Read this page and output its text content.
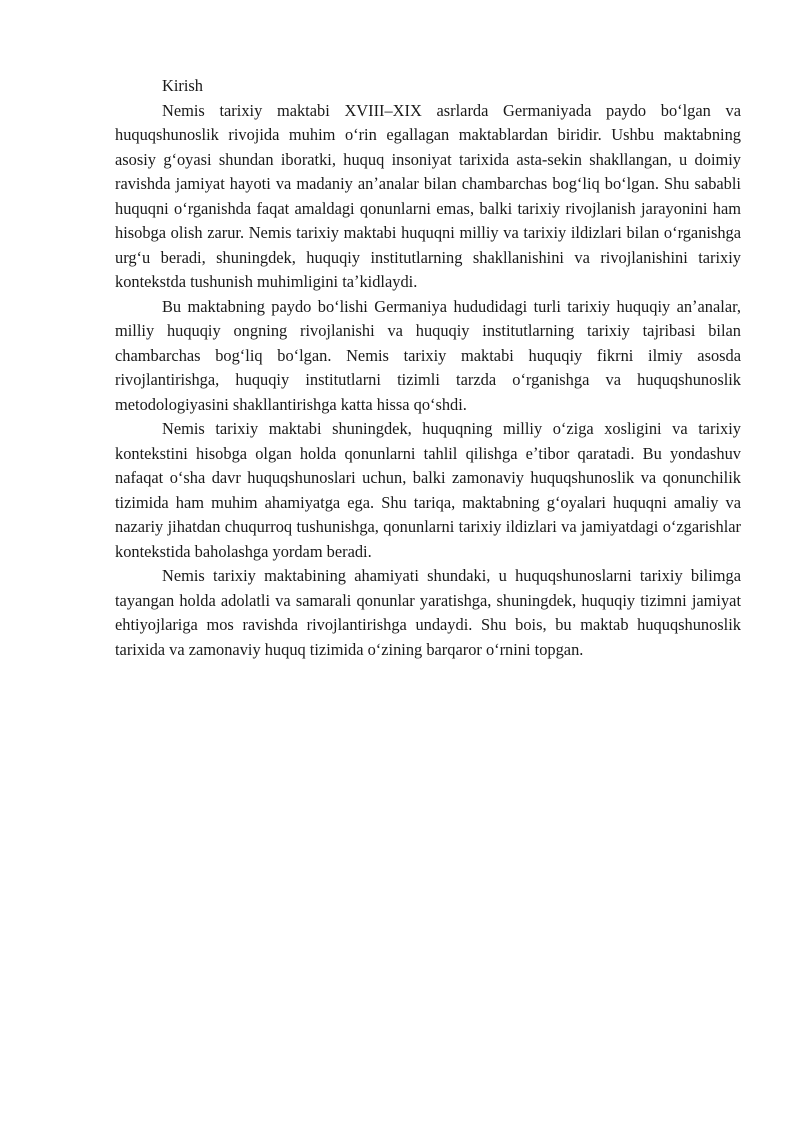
Kirish

Nemis tarixiy maktabi XVIII–XIX asrlarda Germaniyada paydo boʻlgan va huquqshunoslik rivojida muhim oʻrin egallagan maktablardan biridir. Ushbu maktabning asosiy gʻoyasi shundan iboratki, huquq insoniyat tarixida asta-sekin shakllangan, u doimiy ravishda jamiyat hayoti va madaniy anʼanalar bilan chambarchas bogʻliq boʻlgan. Shu sababli huquqni oʻrganishda faqat amaldagi qonunlarni emas, balki tarixiy rivojlanish jarayonini ham hisobga olish zarur. Nemis tarixiy maktabi huquqni milliy va tarixiy ildizlari bilan oʻrganishga urgʻu beradi, shuningdek, huquqiy institutlarning shakllanishini va rivojlanishini tarixiy kontekstda tushunish muhimligini taʼkidlaydi.

Bu maktabning paydo boʻlishi Germaniya hududidagi turli tarixiy huquqiy anʼanalar, milliy huquqiy ongning rivojlanishi va huquqiy institutlarning tarixiy tajribasi bilan chambarchas bogʻliq boʻlgan. Nemis tarixiy maktabi huquqiy fikrni ilmiy asosda rivojlantirishga, huquqiy institutlarni tizimli tarzda oʻrganishga va huquqshunoslik metodologiyasini shakllantirishga katta hissa qoʻshdi.

Nemis tarixiy maktabi shuningdek, huquqning milliy oʻziga xosligini va tarixiy kontekstini hisobga olgan holda qonunlarni tahlil qilishga eʼtibor qaratadi. Bu yondashuv nafaqat oʻsha davr huquqshunoslari uchun, balki zamonaviy huquqshunoslik va qonunchilik tizimida ham muhim ahamiyatga ega. Shu tariqa, maktabning gʻoyalari huquqni amaliy va nazariy jihatdan chuqurroq tushunishga, qonunlarni tarixiy ildizlari va jamiyatdagi oʻzgarishlar kontekstida baholashga yordam beradi.

Nemis tarixiy maktabining ahamiyati shundaki, u huquqshunoslarni tarixiy bilimga tayangan holda adolatli va samarali qonunlar yaratishga, shuningdek, huquqiy tizimni jamiyat ehtiyojlariga mos ravishda rivojlantirishga undaydi. Shu bois, bu maktab huquqshunoslik tarixida va zamonaviy huquq tizimida oʻzining barqaror oʻrnini topgan.
